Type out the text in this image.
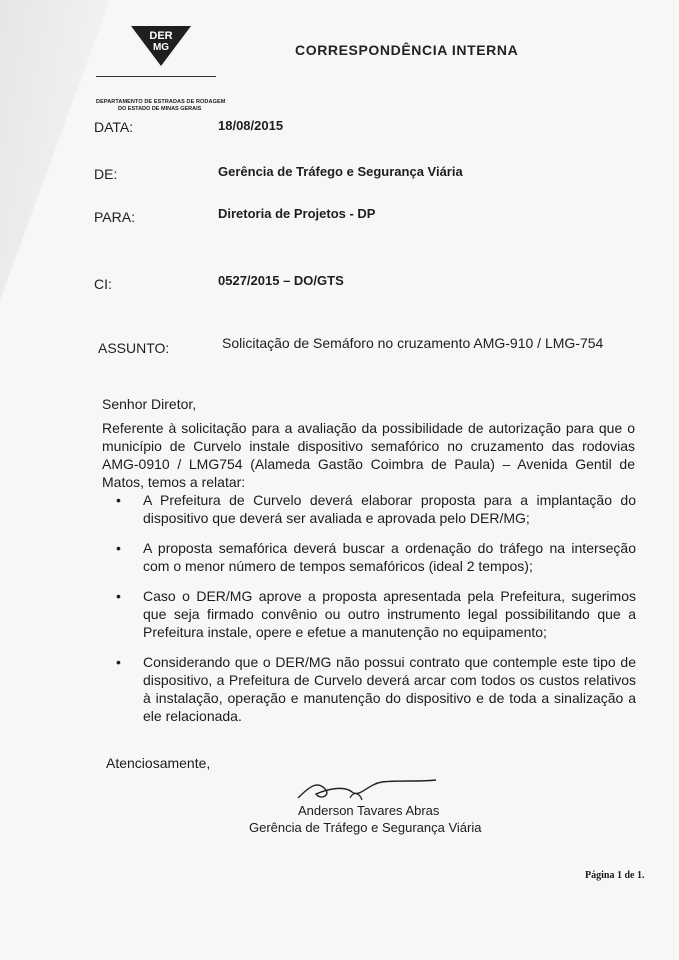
DER
MG
DEPARTAMENTO DE ESTRADAS DE RODAGEM
DO ESTADO DE MINAS GERAIS
CORRESPONDÊNCIA INTERNA
DATA:	18/08/2015
DE:	Gerência de Tráfego e Segurança Viária
PARA:	Diretoria de Projetos - DP
CI:	0527/2015 – DO/GTS
ASSUNTO:	Solicitação de Semáforo no cruzamento AMG-910 / LMG-754
Senhor Diretor,
Referente à solicitação para a avaliação da possibilidade de autorização para que o município de Curvelo instale dispositivo semafórico no cruzamento das rodovias AMG-0910 / LMG754 (Alameda Gastão Coimbra de Paula) – Avenida Gentil de Matos, temos a relatar:
• A Prefeitura de Curvelo deverá elaborar proposta para a implantação do dispositivo que deverá ser avaliada e aprovada pelo DER/MG;
• A proposta semafórica deverá buscar a ordenação do tráfego na interseção com o menor número de tempos semafóricos (ideal 2 tempos);
• Caso o DER/MG aprove a proposta apresentada pela Prefeitura, sugerimos que seja firmado convênio ou outro instrumento legal possibilitando que a Prefeitura instale, opere e efetue a manutenção no equipamento;
• Considerando que o DER/MG não possui contrato que contemple este tipo de dispositivo, a Prefeitura de Curvelo deverá arcar com todos os custos relativos à instalação, operação e manutenção do dispositivo e de toda a sinalização a ele relacionada.
Atenciosamente,
Anderson Tavares Abras
Gerência de Tráfego e Segurança Viária
Página 1 de 1.
